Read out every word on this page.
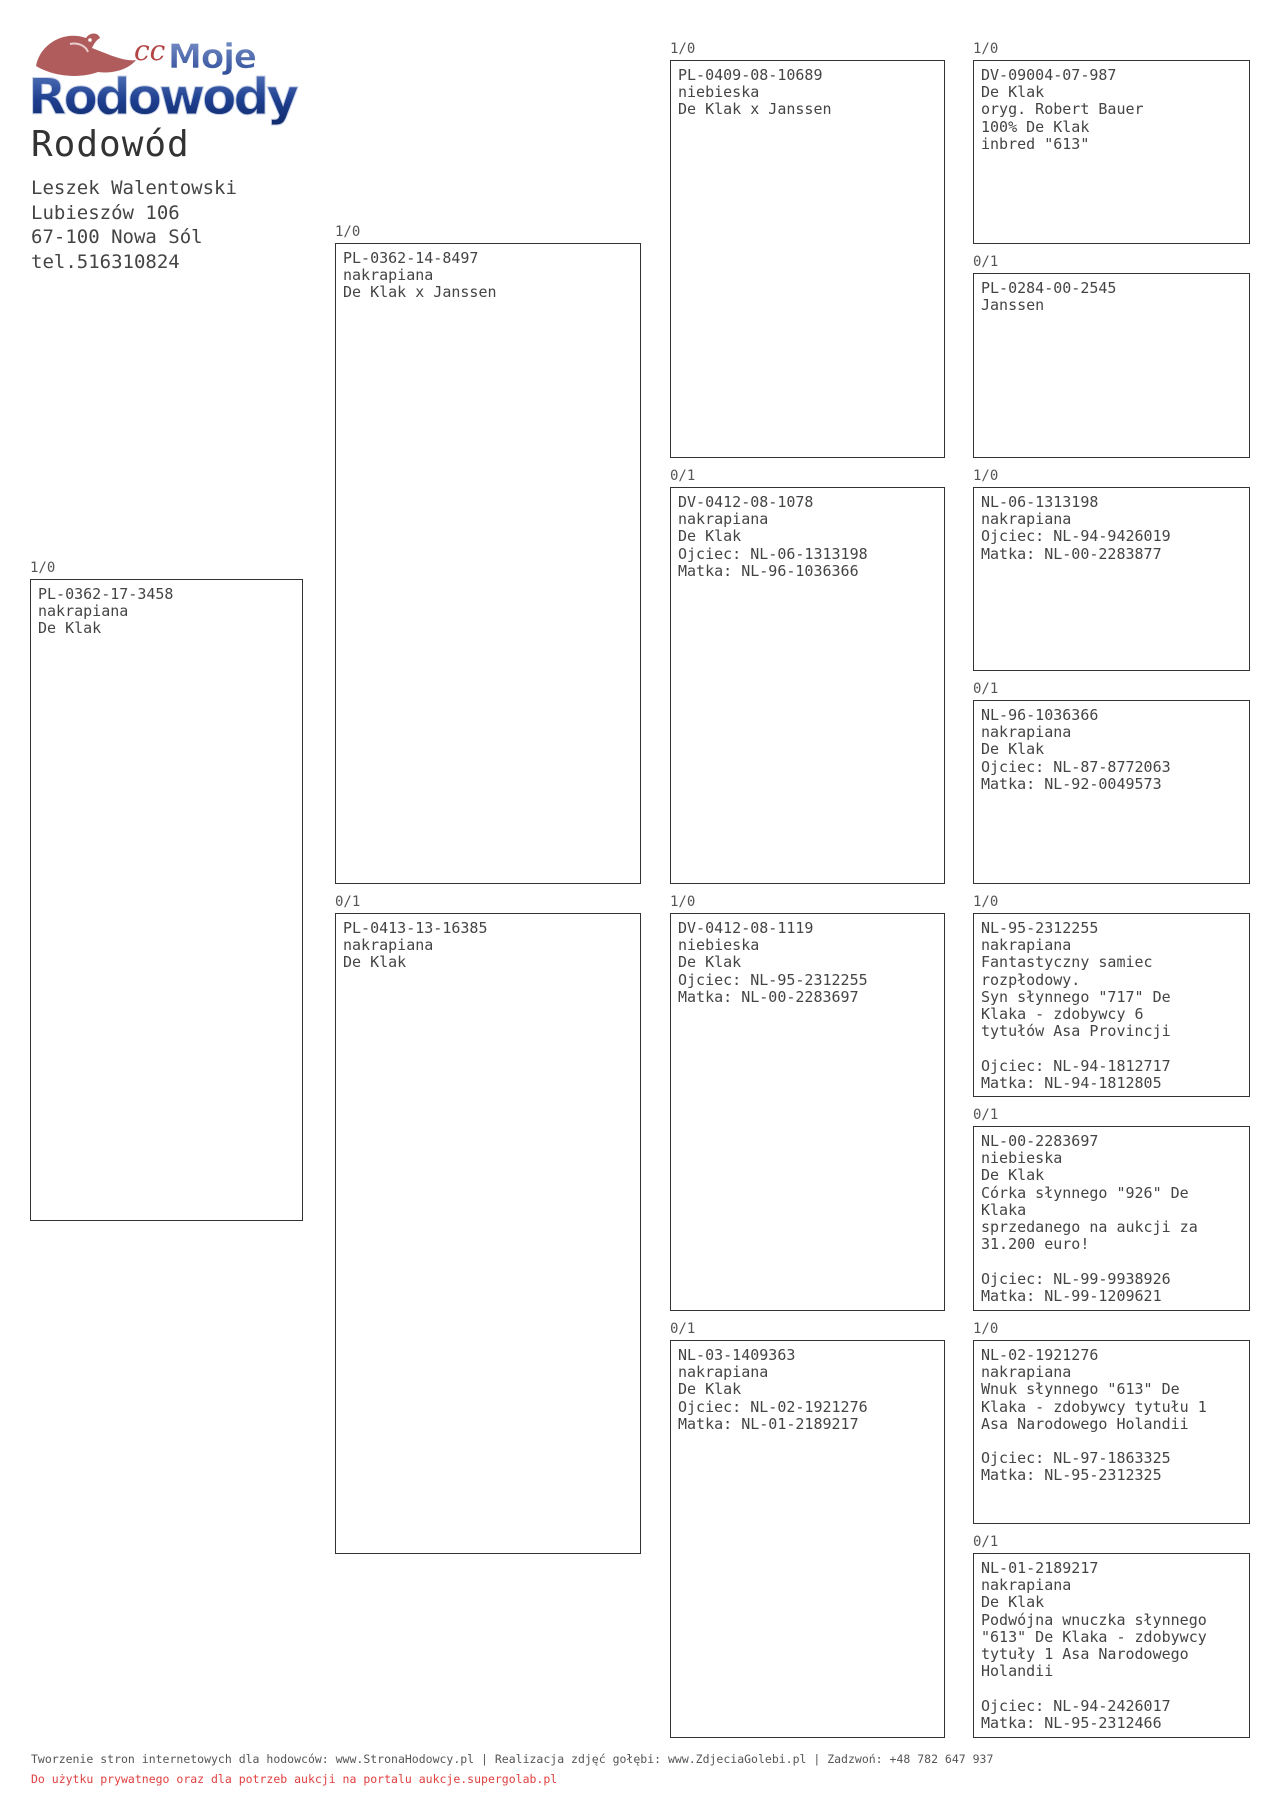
cc Moje
Rodowody
Rodowód
Leszek Walentowski
Lubieszów 106
67-100 Nowa Sól
tel.516310824
1/0
PL-0362-17-3458
nakrapiana
De Klak
1/0
PL-0362-14-8497
nakrapiana
De Klak x Janssen
0/1
PL-0413-13-16385
nakrapiana
De Klak
1/0
PL-0409-08-10689
niebieska
De Klak x Janssen
0/1
DV-0412-08-1078
nakrapiana
De Klak
Ojciec: NL-06-1313198
Matka: NL-96-1036366
1/0
DV-0412-08-1119
niebieska
De Klak
Ojciec: NL-95-2312255
Matka: NL-00-2283697
0/1
NL-03-1409363
nakrapiana
De Klak
Ojciec: NL-02-1921276
Matka: NL-01-2189217
1/0
DV-09004-07-987
De Klak
oryg. Robert Bauer
100% De Klak
inbred "613"
0/1
PL-0284-00-2545
Janssen
1/0
NL-06-1313198
nakrapiana
Ojciec: NL-94-9426019
Matka: NL-00-2283877
0/1
NL-96-1036366
nakrapiana
De Klak
Ojciec: NL-87-8772063
Matka: NL-92-0049573
1/0
NL-95-2312255
nakrapiana
Fantastyczny samiec
rozpłodowy.
Syn słynnego "717" De
Klaka - zdobywcy 6
tytułów Asa Provincji

Ojciec: NL-94-1812717
Matka: NL-94-1812805
0/1
NL-00-2283697
niebieska
De Klak
Córka słynnego "926" De
Klaka
sprzedanego na aukcji za
31.200 euro!

Ojciec: NL-99-9938926
Matka: NL-99-1209621
1/0
NL-02-1921276
nakrapiana
Wnuk słynnego "613" De
Klaka - zdobywcy tytułu 1
Asa Narodowego Holandii

Ojciec: NL-97-1863325
Matka: NL-95-2312325
0/1
NL-01-2189217
nakrapiana
De Klak
Podwójna wnuczka słynnego
"613" De Klaka - zdobywcy
tytuły 1 Asa Narodowego
Holandii

Ojciec: NL-94-2426017
Matka: NL-95-2312466
Tworzenie stron internetowych dla hodowców: www.StronaHodowcy.pl | Realizacja zdjęć gołębi: www.ZdjeciaGolebi.pl | Zadzwoń: +48 782 647 937
Do użytku prywatnego oraz dla potrzeb aukcji na portalu aukcje.supergolab.pl
